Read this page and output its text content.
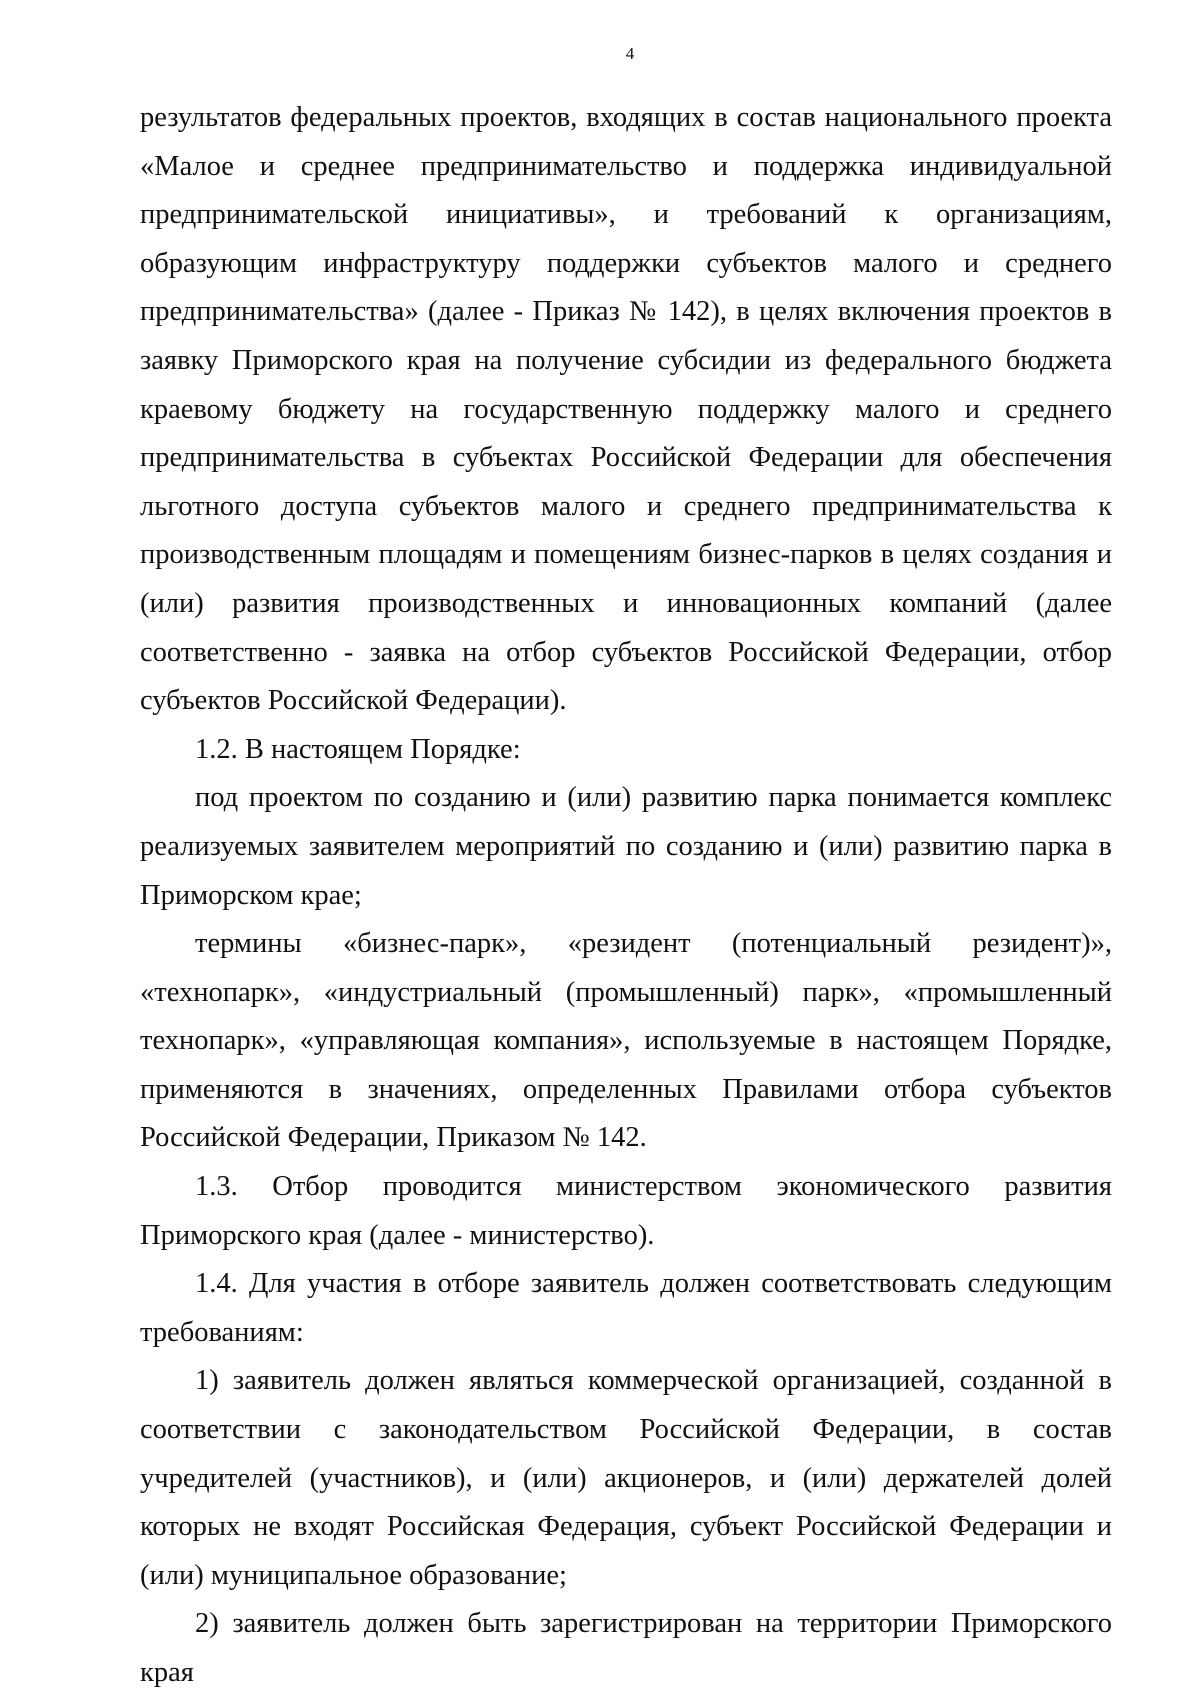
4

результатов федеральных проектов, входящих в состав национального проекта «Малое и среднее предпринимательство и поддержка индивидуальной предпринимательской инициативы», и требований к организациям, образующим инфраструктуру поддержки субъектов малого и среднего предпринимательства» (далее - Приказ № 142), в целях включения проектов в заявку Приморского края на получение субсидии из федерального бюджета краевому бюджету на государственную поддержку малого и среднего предпринимательства в субъектах Российской Федерации для обеспечения льготного доступа субъектов малого и среднего предпринимательства к производственным площадям и помещениям бизнес-парков в целях создания и (или) развития производственных и инновационных компаний (далее соответственно - заявка на отбор субъектов Российской Федерации, отбор субъектов Российской Федерации).

1.2. В настоящем Порядке:

под проектом по созданию и (или) развитию парка понимается комплекс реализуемых заявителем мероприятий по созданию и (или) развитию парка в Приморском крае;

термины «бизнес-парк», «резидент (потенциальный резидент)», «технопарк», «индустриальный (промышленный) парк», «промышленный технопарк», «управляющая компания», используемые в настоящем Порядке, применяются в значениях, определенных Правилами отбора субъектов Российской Федерации, Приказом № 142.

1.3. Отбор проводится министерством экономического развития Приморского края (далее - министерство).

1.4. Для участия в отборе заявитель должен соответствовать следующим требованиям:

1) заявитель должен являться коммерческой организацией, созданной в соответствии с законодательством Российской Федерации, в состав учредителей (участников), и (или) акционеров, и (или) держателей долей которых не входят Российская Федерация, субъект Российской Федерации и (или) муниципальное образование;

2) заявитель должен быть зарегистрирован на территории Приморского края
